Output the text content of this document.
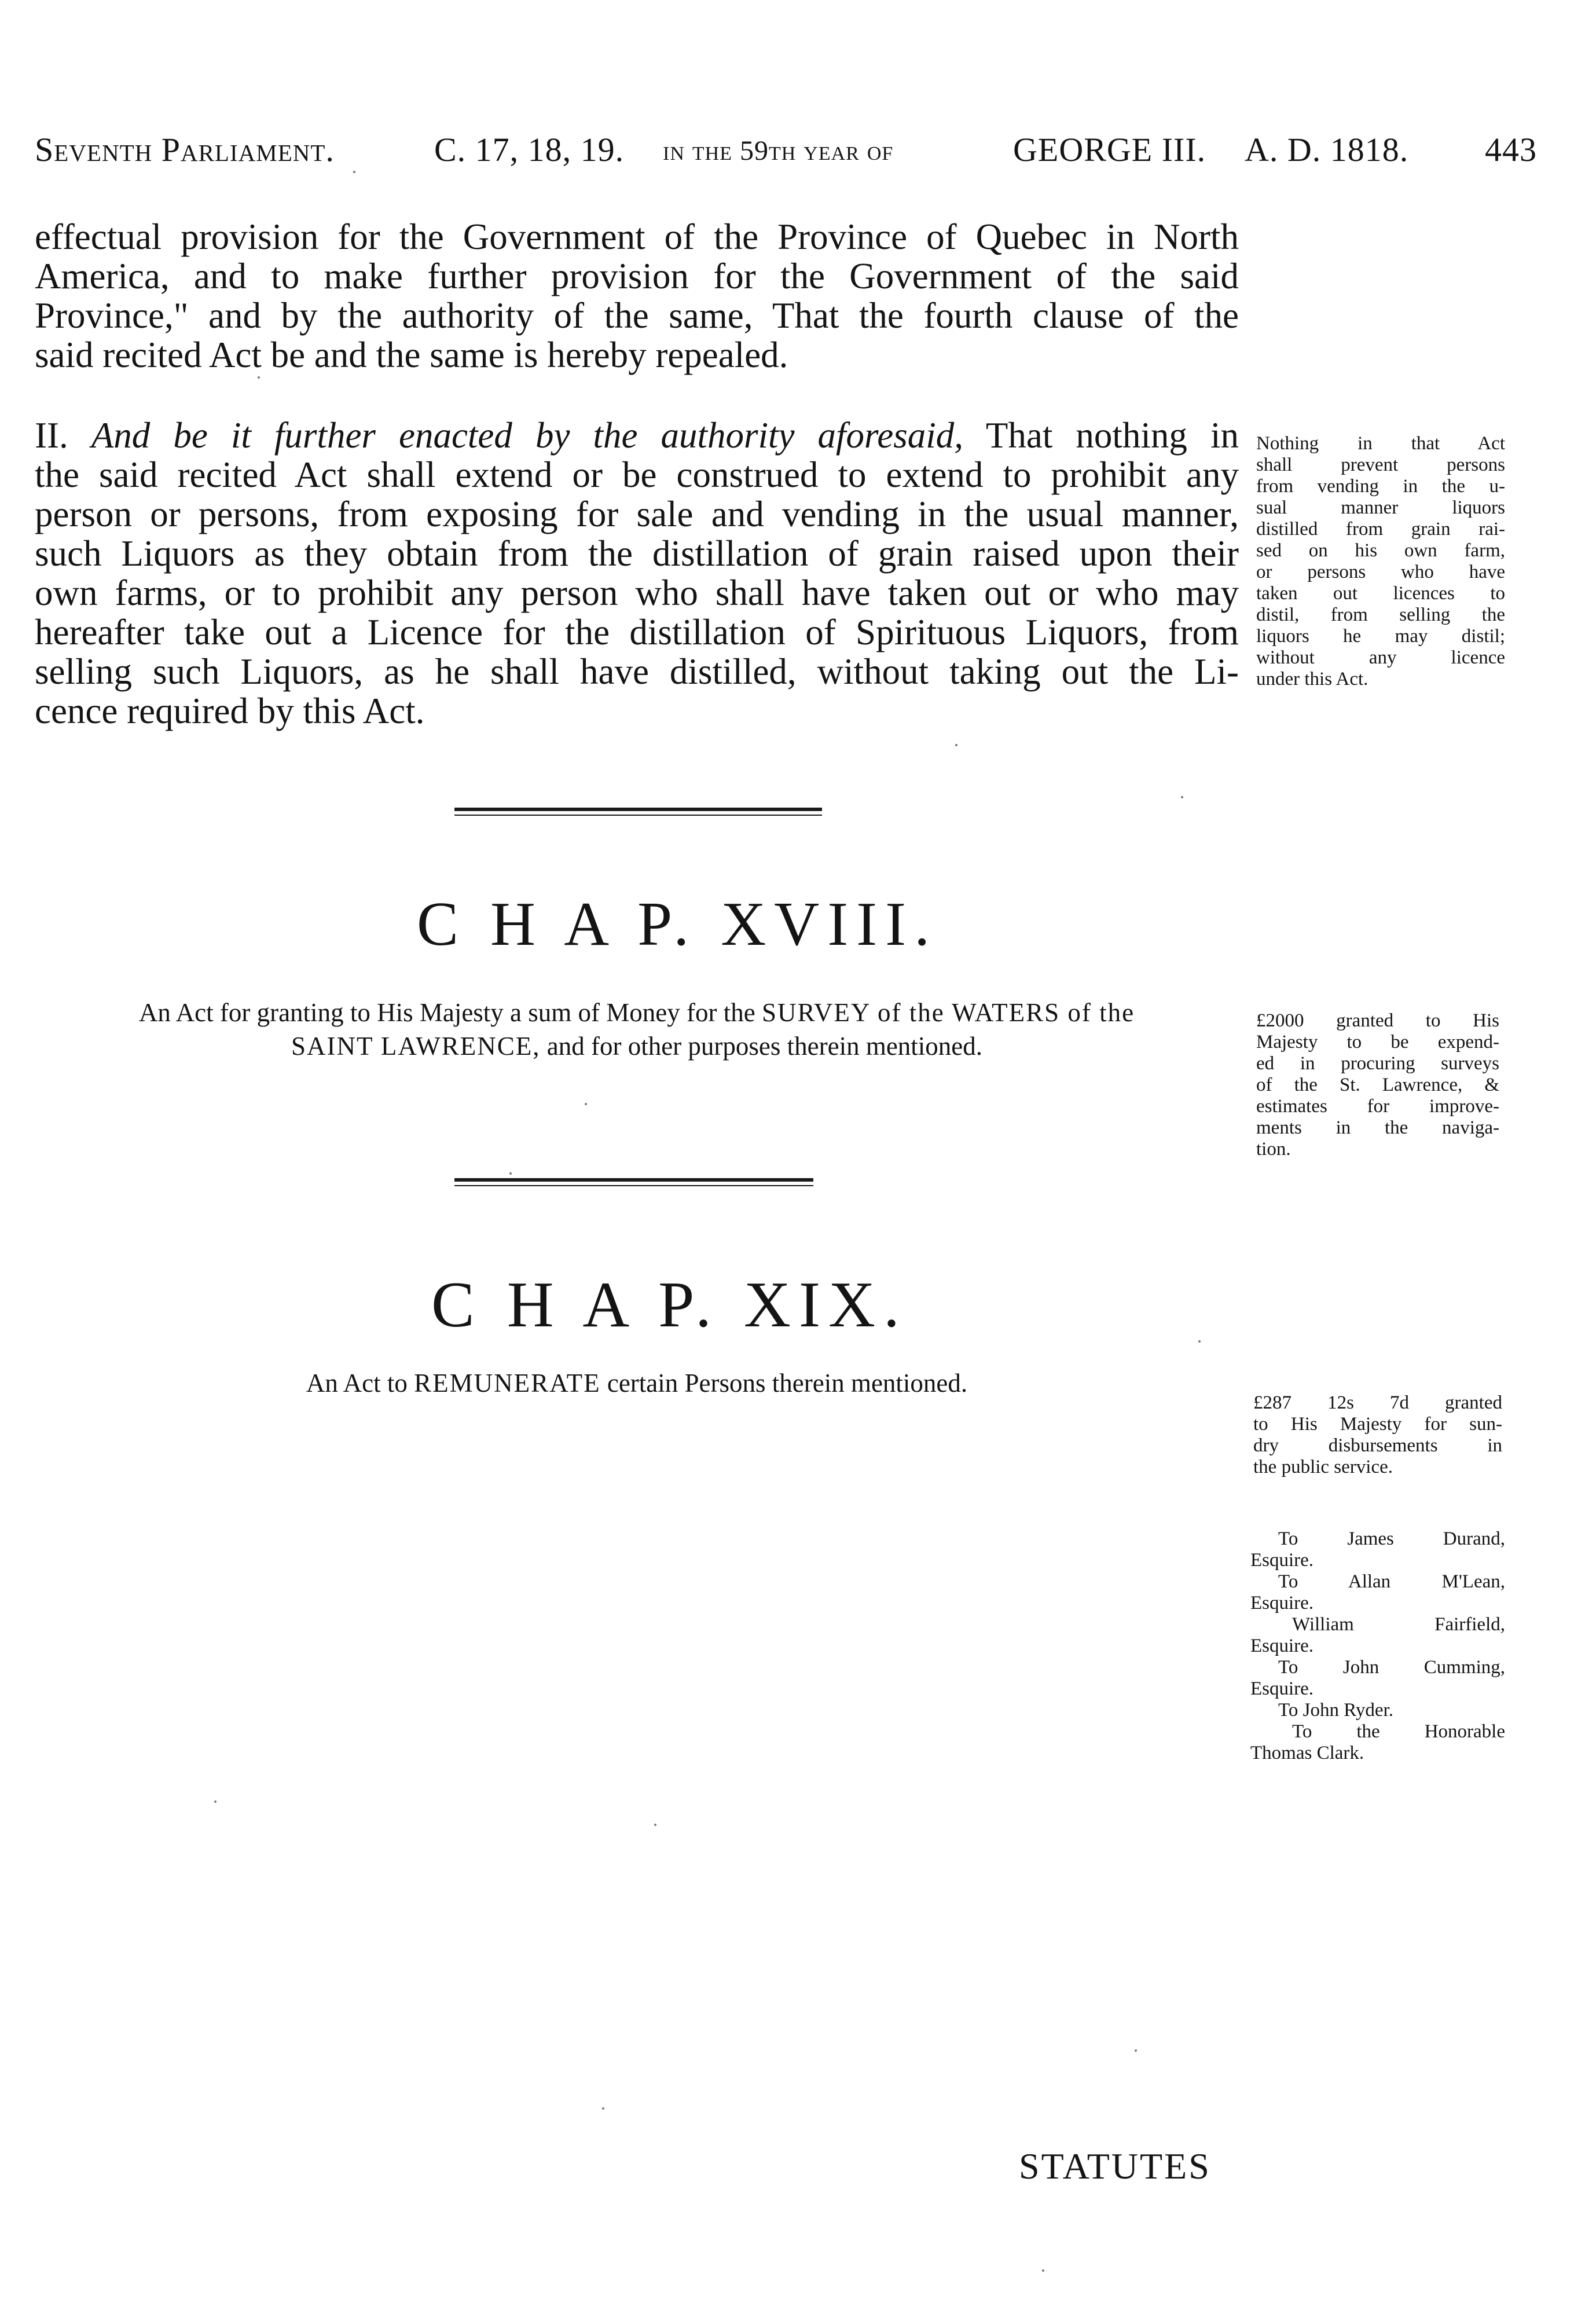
Seventh Parliament.	C. 17, 18, 19. in the 59th year of	GEORGE III. A. D. 1818. 443
effectual provision for the Government of the Province of Quebec in North
America, and to make further provision for the Government of the said
Province," and by the authority of the same, That the fourth clause of the
said recited Act be and the same is hereby repealed.
II. And be it further enacted by the authority aforesaid, That nothing in
the said recited Act shall extend or be construed to extend to prohibit any
person or persons, from exposing for sale and vending in the usual manner,
such Liquors as they obtain from the distillation of grain raised upon their
own farms, or to prohibit any person who shall have taken out or who may
hereafter take out a Licence for the distillation of Spirituous Liquors, from
selling such Liquors, as he shall have distilled, without taking out the Li-
cence required by this Act.
Nothing in that Act
shall prevent persons
from vending in the u-
sual manner liquors
distilled from grain rai-
sed on his own farm,
or persons who have
taken out licences to
distil, from selling the
liquors he may distil;
without any licence
under this Act.
C H A P. XVIII.
An Act for granting to His Majesty a sum of Money for the SURVEY of the WATERS of the
SAINT LAWRENCE, and for other purposes therein mentioned.
£2000 granted to His
Majesty to be expend-
ed in procuring surveys
of the St. Lawrence, &
estimates for improve-
ments in the naviga-
tion.
C H A P. XIX.
An Act to REMUNERATE certain Persons therein mentioned.
£287 12s 7d granted
to His Majesty for sun-
dry disbursements in
the public service.
To James Durand,
Esquire.
To Allan M'Lean,
Esquire.
William Fairfield,
Esquire.
To John Cumming,
Esquire.
To John Ryder.
To the Honorable
Thomas Clark.
STATUTES
